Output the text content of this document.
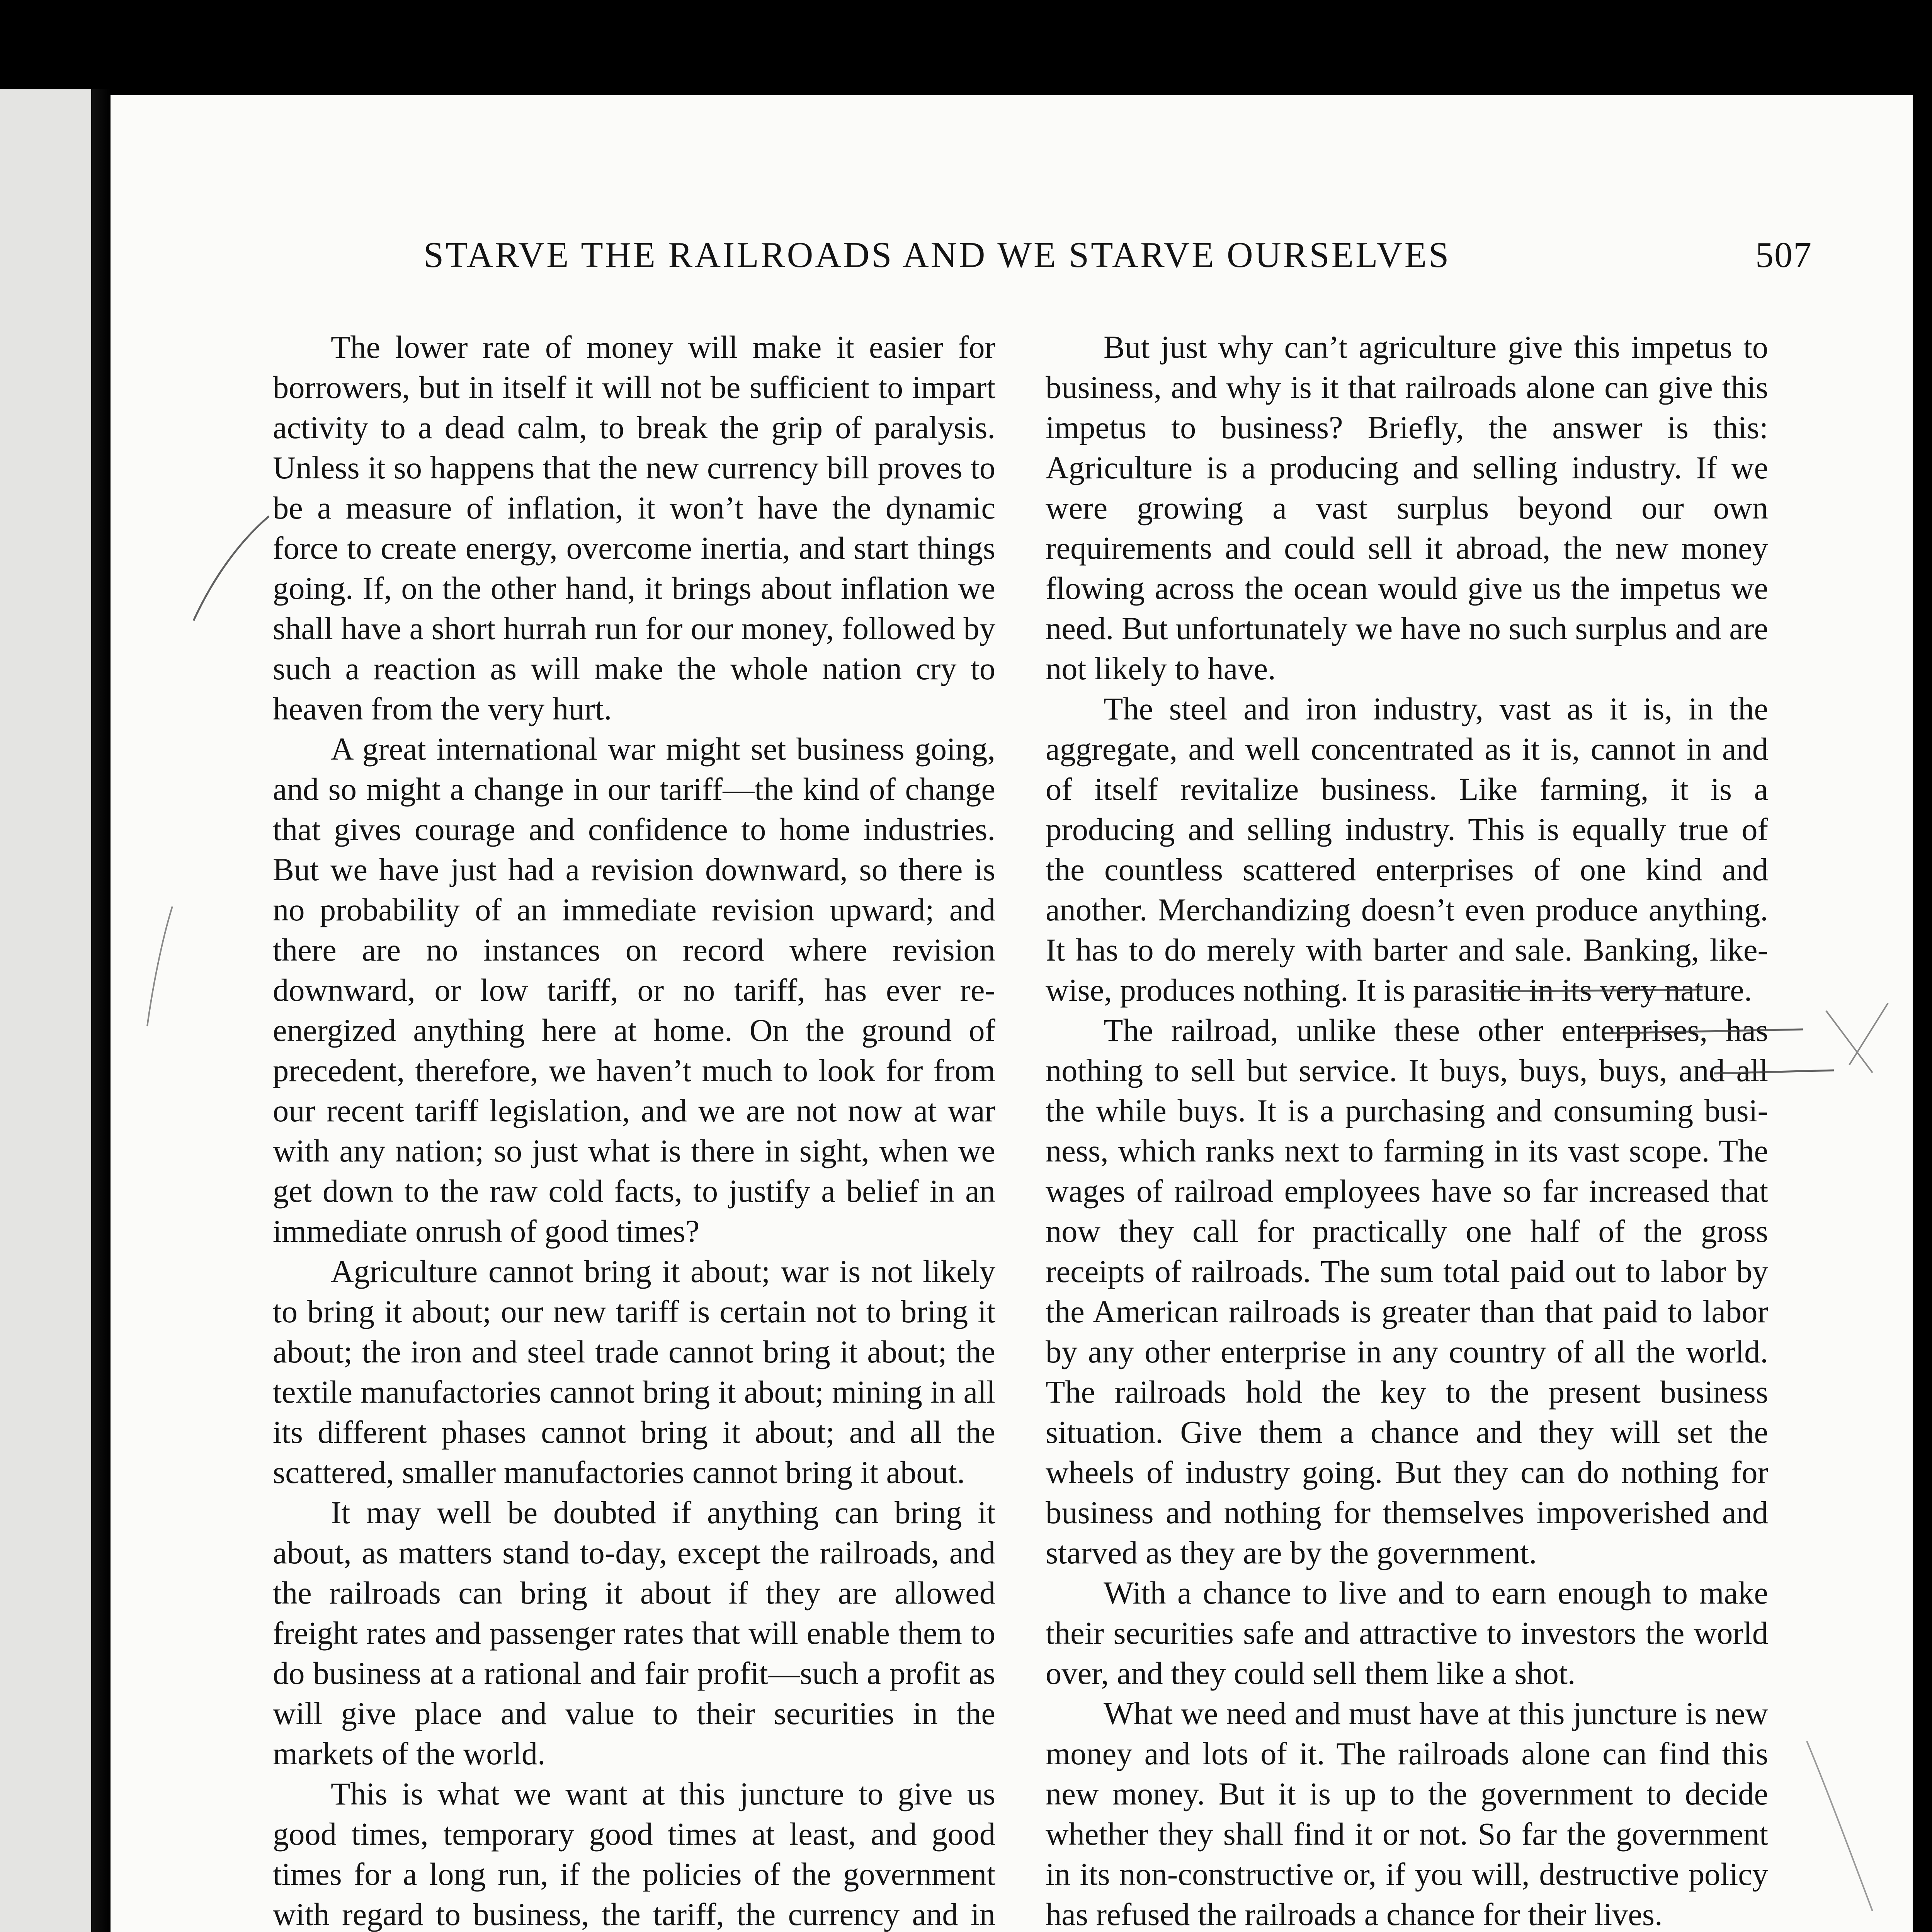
STARVE THE RAILROADS AND WE STARVE OURSELVES	507

The lower rate of money will make it easier for borrowers, but in itself it will not be sufficient to impart activity to a dead calm, to break the grip of paralysis. Unless it so happens that the new currency bill proves to be a measure of inflation, it won’t have the dynamic force to create energy, overcome inertia, and start things going. If, on the other hand, it brings about inflation we shall have a short hurrah run for our money, followed by such a reaction as will make the whole nation cry to heaven from the very hurt.

A great international war might set business going, and so might a change in our tariff—the kind of change that gives courage and confidence to home industries. But we have just had a revision downward, so there is no probability of an immediate revision upward; and there are no instances on record where revision downward, or low tariff, or no tariff, has ever re-energized anything here at home. On the ground of precedent, therefore, we haven’t much to look for from our recent tariff legislation, and we are not now at war with any nation; so just what is there in sight, when we get down to the raw cold facts, to justify a belief in an immediate onrush of good times?

Agriculture cannot bring it about; war is not likely to bring it about; our new tariff is certain not to bring it about; the iron and steel trade cannot bring it about; the textile manufactories cannot bring it about; mining in all its different phases cannot bring it about; and all the scattered, smaller manufactories cannot bring it about.

It may well be doubted if anything can bring it about, as matters stand to-day, except the railroads, and the railroads can bring it about if they are allowed freight rates and passenger rates that will enable them to do business at a rational and fair profit—such a profit as will give place and value to their securities in the markets of the world.

This is what we want at this juncture to give us good times, temporary good times at least, and good times for a long run, if the policies of the government with regard to business, the tariff, the currency and in

But just why can’t agriculture give this impetus to business, and why is it that railroads alone can give this impetus to business? Briefly, the answer is this: Agriculture is a producing and selling industry. If we were growing a vast surplus beyond our own requirements and could sell it abroad, the new money flowing across the ocean would give us the impetus we need. But unfortunately we have no such surplus and are not likely to have.

The steel and iron industry, vast as it is, in the aggregate, and well concentrated as it is, cannot in and of itself revitalize business. Like farming, it is a producing and selling industry. This is equally true of the countless scattered enterprises of one kind and another. Merchandizing doesn’t even produce anything. It has to do merely with barter and sale. Banking, likewise, produces nothing. It is parasitic in its very nature.

The railroad, unlike these other enterprises, has nothing to sell but service. It buys, buys, buys, and all the while buys. It is a purchasing and consuming business, which ranks next to farming in its vast scope. The wages of railroad employees have so far increased that now they call for practically one half of the gross receipts of railroads. The sum total paid out to labor by the American railroads is greater than that paid to labor by any other enterprise in any country of all the world. The railroads hold the key to the present business situation. Give them a chance and they will set the wheels of industry going. But they can do nothing for business and nothing for themselves impoverished and starved as they are by the government.

With a chance to live and to earn enough to make their securities safe and attractive to investors the world over, and they could sell them like a shot.

What we need and must have at this juncture is new money and lots of it. The railroads alone can find this new money. But it is up to the government to decide whether they shall find it or not. So far the government in its non-constructive or, if you will, destructive policy has refused the railroads a chance for their lives.
